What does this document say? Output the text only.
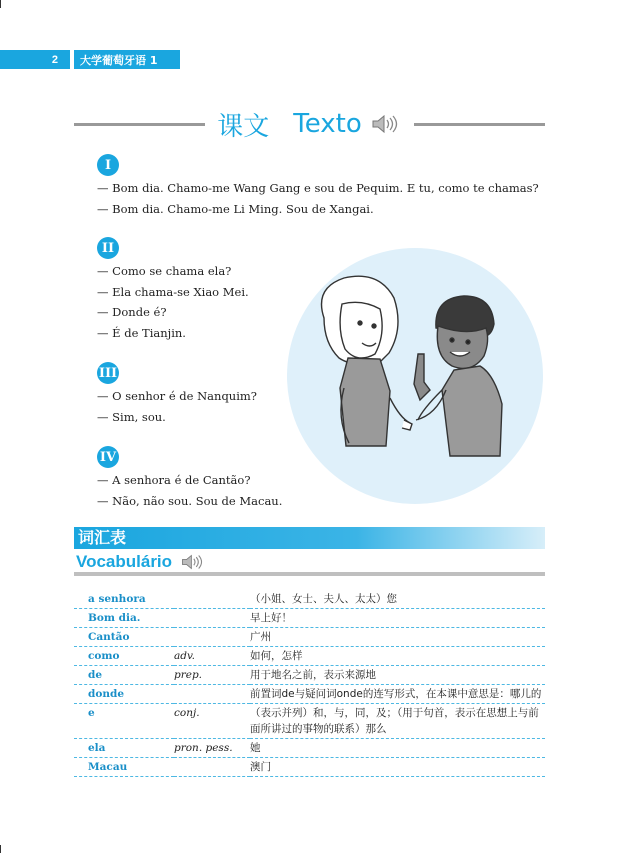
2	大学葡萄牙语 1
课文 Texto
I
— Bom dia. Chamo-me Wang Gang e sou de Pequim. E tu, como te chamas?
— Bom dia. Chamo-me Li Ming. Sou de Xangai.
II
— Como se chama ela?
— Ela chama-se Xiao Mei.
— Donde é?
— É de Tianjin.
III
— O senhor é de Nanquim?
— Sim, sou.
IV
— A senhora é de Cantão?
— Não, não sou. Sou de Macau.
词汇表
Vocabulário
a senhora		（小姐、女士、夫人、太太）您
Bom dia.		早上好！
Cantão		广州
como	adv.	如何，怎样
de	prep.	用于地名之前，表示来源地
donde		前置词de与疑问词onde的连写形式，在本课中意思是：哪儿的
e	conj.	（表示并列）和，与，同，及；（用于句首，表示在思想上与前面所讲过的事物的联系）那么
ela	pron. pess.	她
Macau		澳门
